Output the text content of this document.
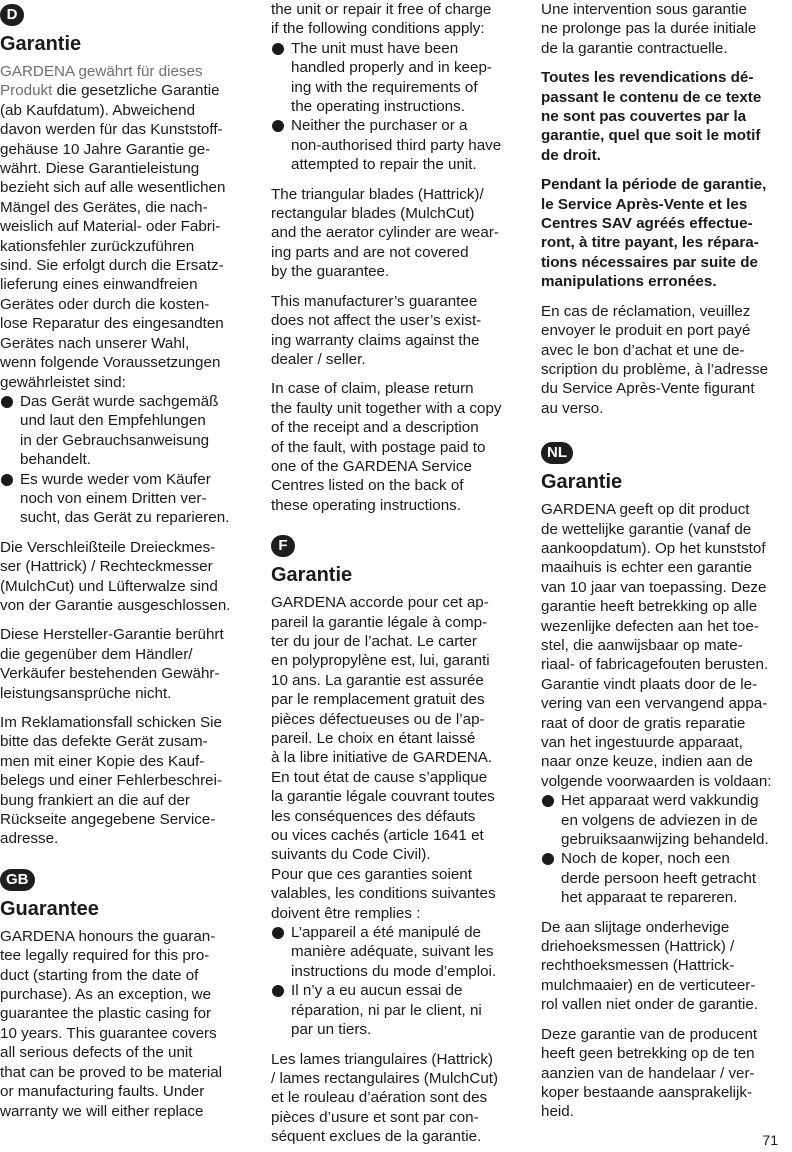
D
Garantie

GARDENA gewährt für dieses Produkt die gesetzliche Garantie
(ab Kaufdatum). Abweichend
davon werden für das Kunststoff-
gehäuse 10 Jahre Garantie ge-
währt. Diese Garantieleistung
bezieht sich auf alle wesentlichen
Mängel des Gerätes, die nach-
weislich auf Material- oder Fabri-
kationsfehler zurückzuführen
sind. Sie erfolgt durch die Ersatz-
lieferung eines einwandfreien
Gerätes oder durch die kosten-
lose Reparatur des eingesandten
Gerätes nach unserer Wahl,
wenn folgende Voraussetzungen
gewährleistet sind:

Das Gerät wurde sachgemäß
und laut den Empfehlungen
in der Gebrauchsanweisung
behandelt.
Es wurde weder vom Käufer
noch von einem Dritten ver-
sucht, das Gerät zu reparieren.

Die Verschleißteile Dreieckmes-
ser (Hattrick) / Rechteckmesser
(MulchCut) und Lüfterwalze sind
von der Garantie ausgeschlossen.

Diese Hersteller-Garantie berührt
die gegenüber dem Händler/
Verkäufer bestehenden Gewähr-
leistungsansprüche nicht.

Im Reklamationsfall schicken Sie
bitte das defekte Gerät zusam-
men mit einer Kopie des Kauf-
belegs und einer Fehlerbeschrei-
bung frankiert an die auf der
Rückseite angegebene Service-
adresse.

GB
Guarantee

GARDENA honours the guaran-
tee legally required for this pro-
duct (starting from the date of
purchase). As an exception, we
guarantee the plastic casing for
10 years. This guarantee covers
all serious defects of the unit
that can be proved to be material
or manufacturing faults. Under
warranty we will either replace

the unit or repair it free of charge
if the following conditions apply:

The unit must have been
handled properly and in keep-
ing with the requirements of
the operating instructions.
Neither the purchaser or a
non-authorised third party have
attempted to repair the unit.

The triangular blades (Hattrick)/
rectangular blades (MulchCut)
and the aerator cylinder are wear-
ing parts and are not covered
by the guarantee.

This manufacturer’s guarantee
does not affect the user’s exist-
ing warranty claims against the
dealer / seller.

In case of claim, please return
the faulty unit together with a copy
of the receipt and a description
of the fault, with postage paid to
one of the GARDENA Service
Centres listed on the back of
these operating instructions.

F
Garantie

GARDENA accorde pour cet ap-
pareil la garantie légale à comp-
ter du jour de l’achat. Le carter
en polypropylène est, lui, garanti
10 ans. La garantie est assurée
par le remplacement gratuit des
pièces défectueuses ou de l’ap-
pareil. Le choix en étant laissé
à la libre initiative de GARDENA.
En tout état de cause s’applique
la garantie légale couvrant toutes
les conséquences des défauts
ou vices cachés (article 1641 et
suivants du Code Civil).
Pour que ces garanties soient
valables, les conditions suivantes
doivent être remplies :

L’appareil a été manipulé de
manière adéquate, suivant les
instructions du mode d’emploi.
Il n’y a eu aucun essai de
réparation, ni par le client, ni
par un tiers.

Les lames triangulaires (Hattrick)
/ lames rectangulaires (MulchCut)
et le rouleau d’aération sont des
pièces d’usure et sont par con-
séquent exclues de la garantie.

Une intervention sous garantie
ne prolonge pas la durée initiale
de la garantie contractuelle.

Toutes les revendications dé-
passant le contenu de ce texte
ne sont pas couvertes par la
garantie, quel que soit le motif
de droit.

Pendant la période de garantie,
le Service Après-Vente et les
Centres SAV agréés effectue-
ront, à titre payant, les répara-
tions nécessaires par suite de
manipulations erronées.

En cas de réclamation, veuillez
envoyer le produit en port payé
avec le bon d’achat et une de-
scription du problème, à l’adresse
du Service Après-Vente figurant
au verso.

NL
Garantie

GARDENA geeft op dit product
de wettelijke garantie (vanaf de
aankoopdatum). Op het kunststof
maaihuis is echter een garantie
van 10 jaar van toepassing. Deze
garantie heeft betrekking op alle
wezenlijke defecten aan het toe-
stel, die aanwijsbaar op mate-
riaal- of fabricagefouten berusten.
Garantie vindt plaats door de le-
vering van een vervangend appa-
raat of door de gratis reparatie
van het ingestuurde apparaat,
naar onze keuze, indien aan de
volgende voorwaarden is voldaan:

Het apparaat werd vakkundig
en volgens de adviezen in de
gebruiksaanwijzing behandeld.
Noch de koper, noch een
derde persoon heeft getracht
het apparaat te repareren.

De aan slijtage onderhevige
driehoeksmessen (Hattrick) /
rechthoeksmessen (Hattrick-
mulchmaaier) en de verticuteer-
rol vallen niet onder de garantie.

Deze garantie van de producent
heeft geen betrekking op de ten
aanzien van de handelaar / ver-
koper bestaande aansprakelijk-
heid.

71
